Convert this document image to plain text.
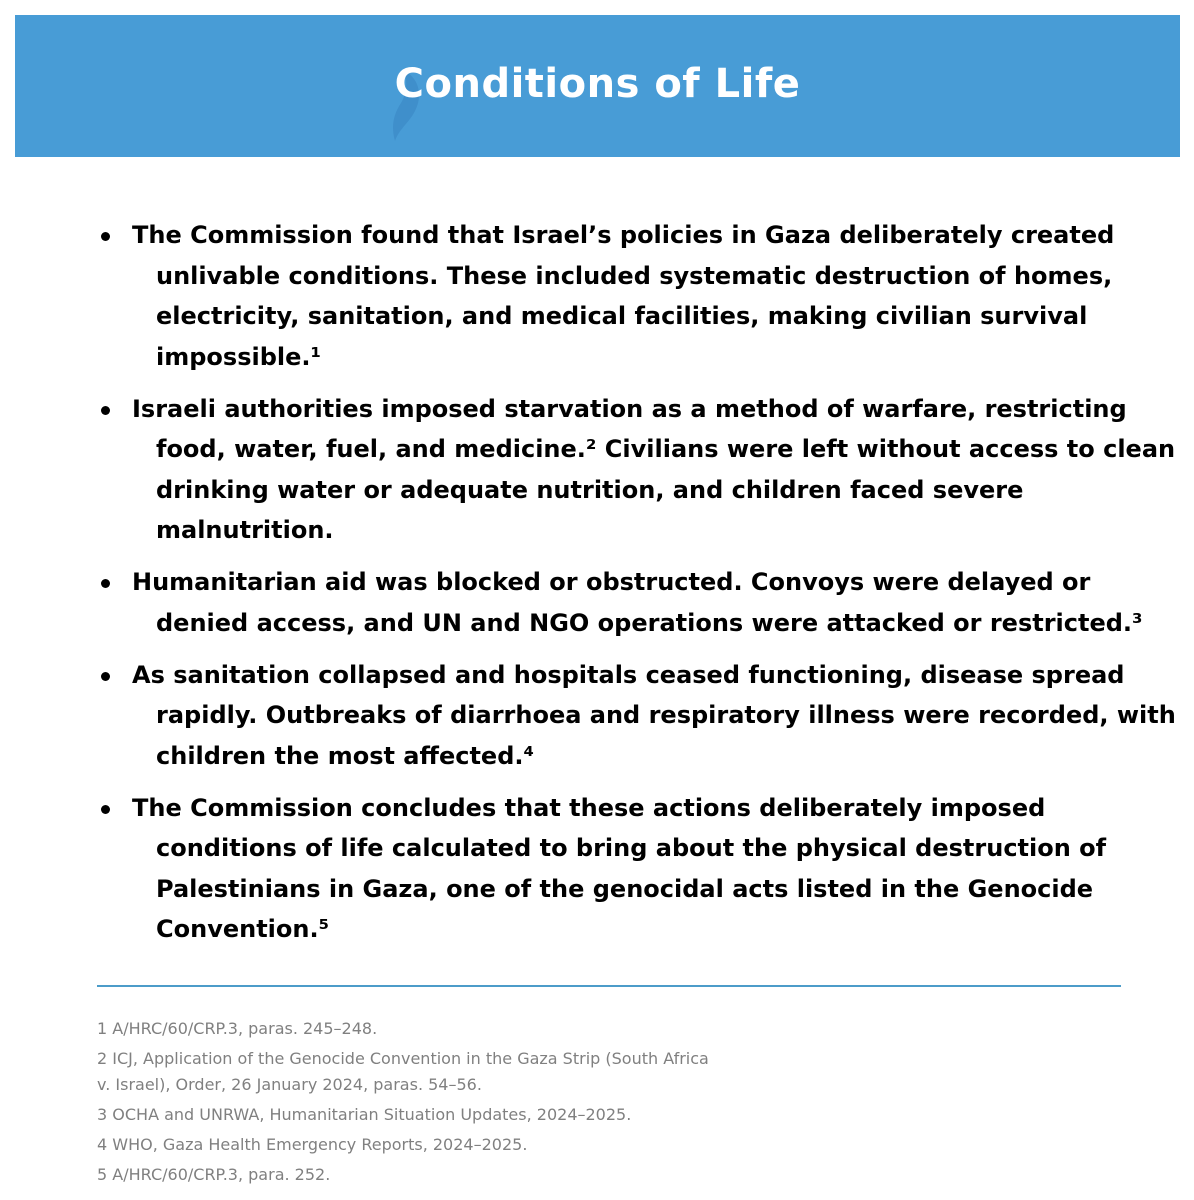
Conditions of Life
The Commission found that Israel’s policies in Gaza deliberately created unlivable conditions. These included systematic destruction of homes, electricity, sanitation, and medical facilities, making civilian survival impossible.¹
Israeli authorities imposed starvation as a method of warfare, restricting food, water, fuel, and medicine.² Civilians were left without access to clean drinking water or adequate nutrition, and children faced severe malnutrition.
Humanitarian aid was blocked or obstructed. Convoys were delayed or denied access, and UN and NGO operations were attacked or restricted.³
As sanitation collapsed and hospitals ceased functioning, disease spread rapidly. Outbreaks of diarrhoea and respiratory illness were recorded, with children the most affected.⁴
The Commission concludes that these actions deliberately imposed conditions of life calculated to bring about the physical destruction of Palestinians in Gaza, one of the genocidal acts listed in the Genocide Convention.⁵
1 A/HRC/60/CRP.3, paras. 245–248.
2 ICJ, Application of the Genocide Convention in the Gaza Strip (South Africa v. Israel), Order, 26 January 2024, paras. 54–56.
3 OCHA and UNRWA, Humanitarian Situation Updates, 2024–2025.
4 WHO, Gaza Health Emergency Reports, 2024–2025.
5 A/HRC/60/CRP.3, para. 252.
